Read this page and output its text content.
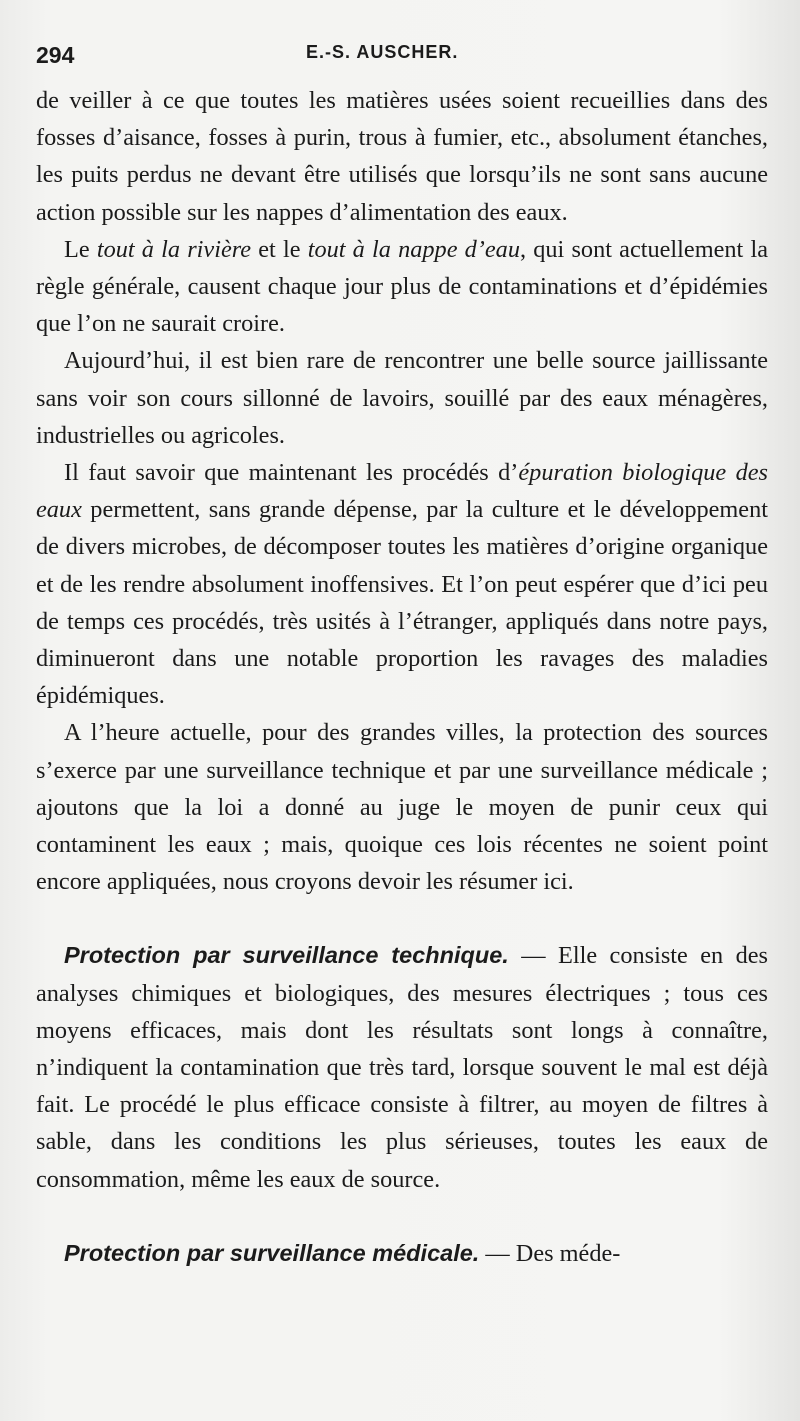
294	E.-S. AUSCHER.

de veiller à ce que toutes les matières usées soient recueillies dans des fosses d’aisance, fosses à purin, trous à fumier, etc., absolument étanches, les puits perdus ne devant être utilisés que lorsqu’ils ne sont sans aucune action possible sur les nappes d’alimentation des eaux.

Le tout à la rivière et le tout à la nappe d’eau, qui sont actuellement la règle générale, causent chaque jour plus de contaminations et d’épidémies que l’on ne saurait croire.

Aujourd’hui, il est bien rare de rencontrer une belle source jaillissante sans voir son cours sillonné de lavoirs, souillé par des eaux ménagères, industrielles ou agricoles.

Il faut savoir que maintenant les procédés d’épuration biologique des eaux permettent, sans grande dépense, par la culture et le développement de divers microbes, de décomposer toutes les matières d’origine organique et de les rendre absolument inoffensives. Et l’on peut espérer que d’ici peu de temps ces procédés, très usités à l’étranger, appliqués dans notre pays, diminueront dans une notable proportion les ravages des maladies épidémiques.

A l’heure actuelle, pour des grandes villes, la protection des sources s’exerce par une surveillance technique et par une surveillance médicale ; ajoutons que la loi a donné au juge le moyen de punir ceux qui contaminent les eaux ; mais, quoique ces lois récentes ne soient point encore appliquées, nous croyons devoir les résumer ici.

Protection par surveillance technique. — Elle consiste en des analyses chimiques et biologiques, des mesures électriques ; tous ces moyens efficaces, mais dont les résultats sont longs à connaître, n’indiquent la contamination que très tard, lorsque souvent le mal est déjà fait. Le procédé le plus efficace consiste à filtrer, au moyen de filtres à sable, dans les conditions les plus sérieuses, toutes les eaux de consommation, même les eaux de source.

Protection par surveillance médicale. — Des méde-
